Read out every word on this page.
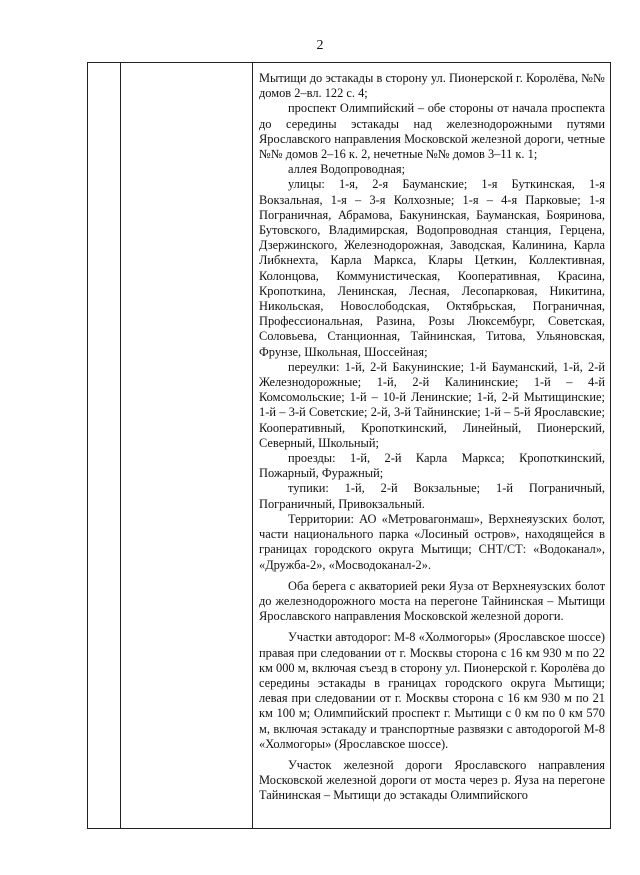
2

Мытищи до эстакады в сторону ул. Пионерской г. Королёва, №№ домов 2–вл. 122 с. 4;

проспект Олимпийский – обе стороны от начала проспекта до середины эстакады над железнодорожными путями Ярославского направления Московской железной дороги, четные №№ домов 2–16 к. 2, нечетные №№ домов 3–11 к. 1;

аллея Водопроводная;

улицы: 1-я, 2-я Бауманские; 1-я Буткинская, 1-я Вокзальная, 1-я – 3-я Колхозные; 1-я – 4-я Парковые; 1-я Пограничная, Абрамова, Бакунинская, Бауманская, Бояринова, Бутовского, Владимирская, Водопроводная станция, Герцена, Дзержинского, Железнодорожная, Заводская, Калинина, Карла Либкнехта, Карла Маркса, Клары Цеткин, Коллективная, Колонцова, Коммунистическая, Кооперативная, Красина, Кропоткина, Ленинская, Лесная, Лесопарковая, Никитина, Никольская, Новослободская, Октябрьская, Пограничная, Профессиональная, Разина, Розы Люксембург, Советская, Соловьева, Станционная, Тайнинская, Титова, Ульяновская, Фрунзе, Школьная, Шоссейная;

переулки: 1-й, 2-й Бакунинские; 1-й Бауманский, 1-й, 2-й Железнодорожные; 1-й, 2-й Калининские; 1-й – 4-й Комсомольские; 1-й – 10-й Ленинские; 1-й, 2-й Мытищинские; 1-й – 3-й Советские; 2-й, 3-й Тайнинские; 1-й – 5-й Ярославские; Кооперативный, Кропоткинский, Линейный, Пионерский, Северный, Школьный;

проезды: 1-й, 2-й Карла Маркса; Кропоткинский, Пожарный, Фуражный;

тупики: 1-й, 2-й Вокзальные; 1-й Пограничный, Пограничный, Привокзальный.

Территории: АО «Метровагонмаш», Верхнеяузских болот, части национального парка «Лосиный остров», находящейся в границах городского округа Мытищи; СНТ/СТ: «Водоканал», «Дружба-2», «Мосводоканал-2».

Оба берега с акваторией реки Яуза от Верхнеяузских болот до железнодорожного моста на перегоне Тайнинская – Мытищи Ярославского направления Московской железной дороги.

Участки автодорог: М-8 «Холмогоры» (Ярославское шоссе) правая при следовании от г. Москвы сторона с 16 км 930 м по 22 км 000 м, включая съезд в сторону ул. Пионерской г. Королёва до середины эстакады в границах городского округа Мытищи; левая при следовании от г. Москвы сторона с 16 км 930 м по 21 км 100 м; Олимпийский проспект г. Мытищи с 0 км по 0 км 570 м, включая эстакаду и транспортные развязки с автодорогой М-8 «Холмогоры» (Ярославское шоссе).

Участок железной дороги Ярославского направления Московской железной дороги от моста через р. Яуза на перегоне Тайнинская – Мытищи до эстакады Олимпийского
